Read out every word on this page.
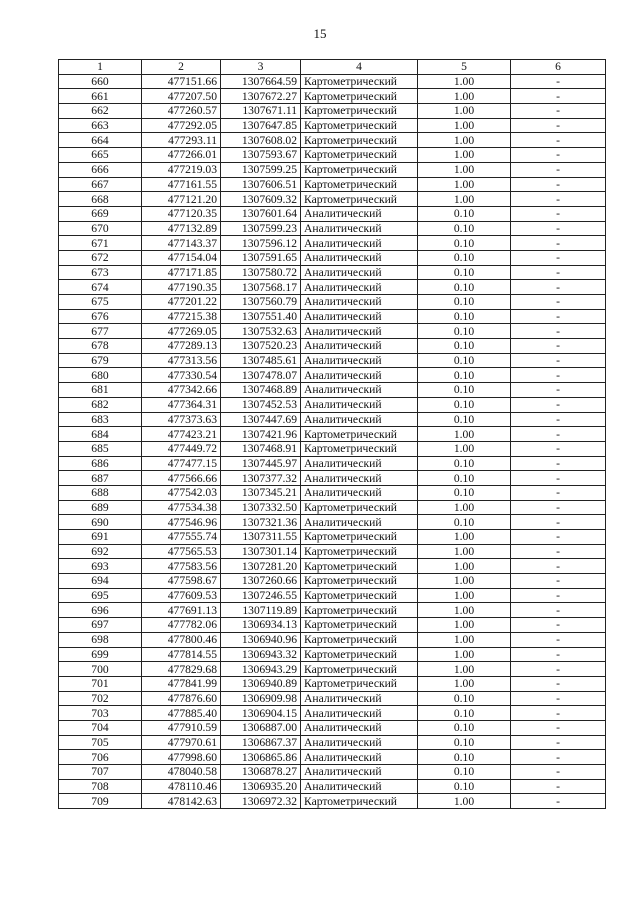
15
1	2	3	4	5	6
660	477151.66	1307664.59	Картометрический	1.00	-
661	477207.50	1307672.27	Картометрический	1.00	-
662	477260.57	1307671.11	Картометрический	1.00	-
663	477292.05	1307647.85	Картометрический	1.00	-
664	477293.11	1307608.02	Картометрический	1.00	-
665	477266.01	1307593.67	Картометрический	1.00	-
666	477219.03	1307599.25	Картометрический	1.00	-
667	477161.55	1307606.51	Картометрический	1.00	-
668	477121.20	1307609.32	Картометрический	1.00	-
669	477120.35	1307601.64	Аналитический	0.10	-
670	477132.89	1307599.23	Аналитический	0.10	-
671	477143.37	1307596.12	Аналитический	0.10	-
672	477154.04	1307591.65	Аналитический	0.10	-
673	477171.85	1307580.72	Аналитический	0.10	-
674	477190.35	1307568.17	Аналитический	0.10	-
675	477201.22	1307560.79	Аналитический	0.10	-
676	477215.38	1307551.40	Аналитический	0.10	-
677	477269.05	1307532.63	Аналитический	0.10	-
678	477289.13	1307520.23	Аналитический	0.10	-
679	477313.56	1307485.61	Аналитический	0.10	-
680	477330.54	1307478.07	Аналитический	0.10	-
681	477342.66	1307468.89	Аналитический	0.10	-
682	477364.31	1307452.53	Аналитический	0.10	-
683	477373.63	1307447.69	Аналитический	0.10	-
684	477423.21	1307421.96	Картометрический	1.00	-
685	477449.72	1307468.91	Картометрический	1.00	-
686	477477.15	1307445.97	Аналитический	0.10	-
687	477566.66	1307377.32	Аналитический	0.10	-
688	477542.03	1307345.21	Аналитический	0.10	-
689	477534.38	1307332.50	Картометрический	1.00	-
690	477546.96	1307321.36	Аналитический	0.10	-
691	477555.74	1307311.55	Картометрический	1.00	-
692	477565.53	1307301.14	Картометрический	1.00	-
693	477583.56	1307281.20	Картометрический	1.00	-
694	477598.67	1307260.66	Картометрический	1.00	-
695	477609.53	1307246.55	Картометрический	1.00	-
696	477691.13	1307119.89	Картометрический	1.00	-
697	477782.06	1306934.13	Картометрический	1.00	-
698	477800.46	1306940.96	Картометрический	1.00	-
699	477814.55	1306943.32	Картометрический	1.00	-
700	477829.68	1306943.29	Картометрический	1.00	-
701	477841.99	1306940.89	Картометрический	1.00	-
702	477876.60	1306909.98	Аналитический	0.10	-
703	477885.40	1306904.15	Аналитический	0.10	-
704	477910.59	1306887.00	Аналитический	0.10	-
705	477970.61	1306867.37	Аналитический	0.10	-
706	477998.60	1306865.86	Аналитический	0.10	-
707	478040.58	1306878.27	Аналитический	0.10	-
708	478110.46	1306935.20	Аналитический	0.10	-
709	478142.63	1306972.32	Картометрический	1.00	-
